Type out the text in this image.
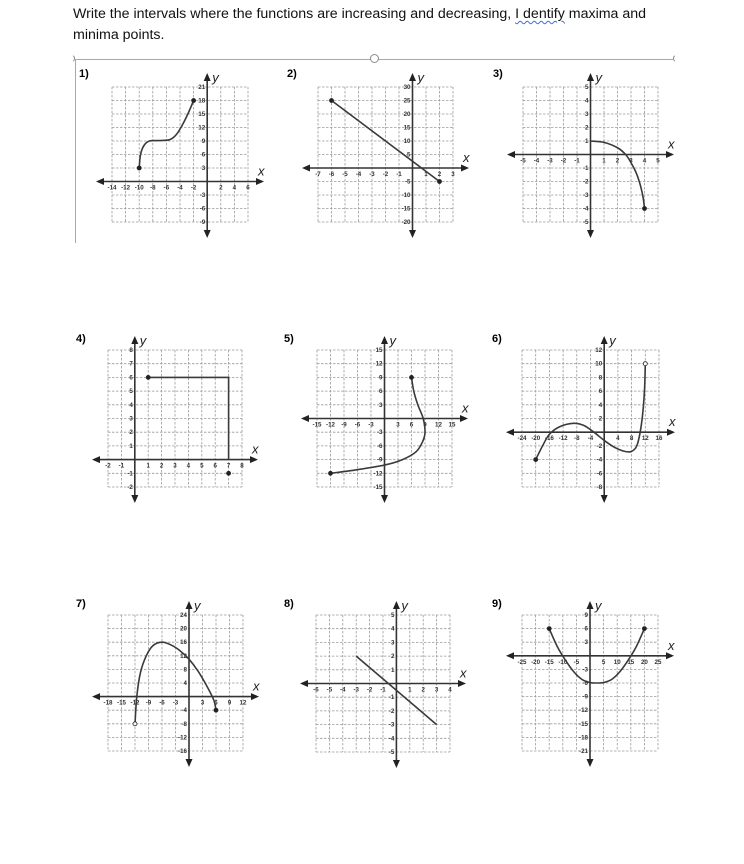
Write the intervals where the functions are increasing and decreasing, I dentify maxima and
minima points.
1)	2)	3)
4)	5)	6)
7)	8)	9)
x
y
-14 -12 -10 -8 -6 -4 -2	2 4 6
-9
-6
-3
3
6
9
12
15
18
21
x
y
-7 -6 -5 -4 -3 -2 -1	1 2 3
-20
-15
-10
-5
5
10
15
20
25
30
x
y
-5 -4 -3 -2 -1	1 2 3 4 5
-5
-4
-3
-2
-1
1
2
3
4
5
x
y
-2 -1	1 2 3 4 5 6 7 8
-2
-1
1
2
3
4
5
6
7
8
x
y
-15 -12 -9 -6 -3	3 6 9 12 15
-15
-12
-9
-6
-3
3
6
9
12
15
x
y
-24 -20 -16 -12 -8 -4	4 8 12 16
-8
-6
-4
-2
2
4
6
8
10
12
x
y
-18 -15 -12 -9 -6 -3	3 6 9 12
-16
-12
-8
-4
4
8
12
16
20
24
x
y
-6 -5 -4 -3 -2 -1	1 2 3 4
-5
-4
-3
-2
-1
1
2
3
4
5
x
y
-25 -20 -15 -10 -5	5 10 15 20 25
-21
-18
-15
-12
-9
-6
-3
3
6
9
